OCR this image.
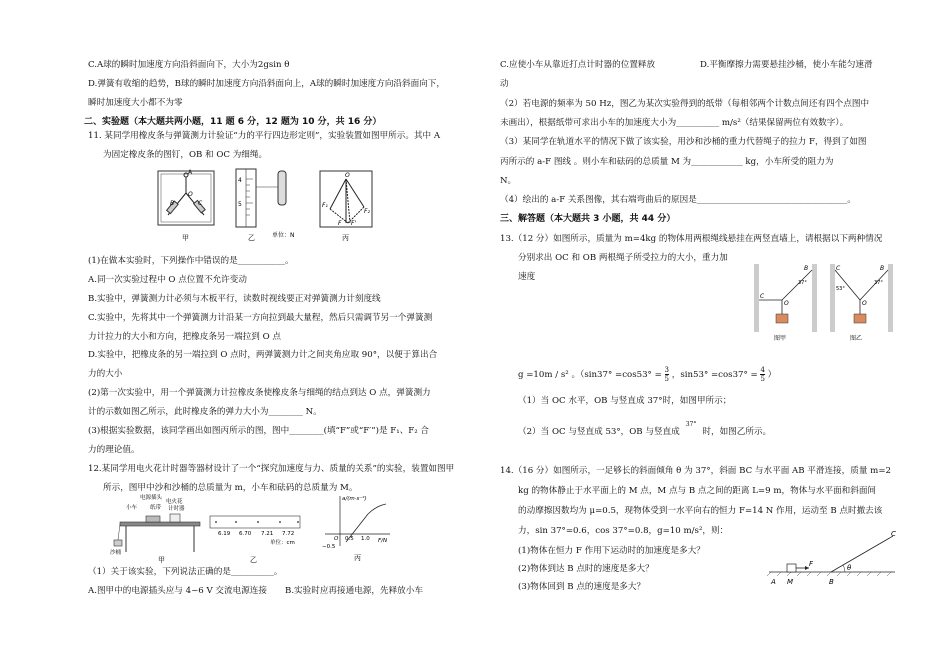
C.A球的瞬时加速度方向沿斜面向下，大小为2gsin θ
D.弹簧有收缩的趋势，B球的瞬时加速度方向沿斜面向上，A球的瞬时加速度方向沿斜面向下，
瞬时加速度大小都不为零
二、实验题（本大题共两小题，11 题 6 分，12 题为 10 分，共 16 分）
11. 某同学用橡皮条与弹簧测力计验证“力的平行四边形定则”，实验装置如图甲所示。其中 A
为固定橡皮条的图钉，OB 和 OC 为细绳。
A
O
B	C
甲
4
5
单位：N
乙
O
F₁
F₂
F F'
丙
(1)在做本实验时，下列操作中错误的是___________。
A.同一次实验过程中 O 点位置不允许变动
B.实验中，弹簧测力计必须与木板平行，读数时视线要正对弹簧测力计刻度线
C.实验中，先将其中一个弹簧测力计沿某一方向拉到最大量程，然后只需调节另一个弹簧测
力计拉力的大小和方向，把橡皮条另一端拉到 O 点
D.实验中，把橡皮条的另一端拉到 O 点时，两弹簧测力计之间夹角应取 90°，以便于算出合
力的大小
(2)第一次实验中，用一个弹簧测力计拉橡皮条使橡皮条与细绳的结点到达 O 点，弹簧测力
计的示数如图乙所示，此时橡皮条的弹力大小为________ N。
(3)根据实验数据，该同学画出如图丙所示的图，图中________(填“F”或“F′”)是 F₁、F₂ 合
力的理论值。
12.某同学用电火花计时器等器材设计了一个“探究加速度与力、质量的关系”的实验，装置如图甲
所示，图甲中沙和沙桶的总质量为 m，小车和砝码的总质量为 M。
电源插头
电火花
计时器
小车 纸带
沙桶
甲
6.19 6.70 7.21 7.72
单位：cm
乙
a/(m·s⁻²)
F/N
O 0.5 1.0
−0.5
丙
（1）关于该实验，下列说法正确的是__________。
A.图甲中的电源插头应与 4~6 V 交流电源连接 B.实验时应再接通电源，先释放小车
C.应使小车从靠近打点计时器的位置释放	D.平衡摩擦力需要悬挂沙桶，使小车能匀速滑
动
（2）若电源的频率为 50 Hz，图乙为某次实验得到的纸带（每相邻两个计数点间还有四个点图中
未画出），根据纸带可求出小车的加速度大小为__________ m/s²（结果保留两位有效数字）。
（3）某同学在轨道水平的情况下做了该实验，用沙和沙桶的重力代替绳子的拉力 F，得到了如图
丙所示的 a-F 图线 。则小车和砝码的总质量 M 为____________ kg，小车所受的阻力为
N。
（4）绘出的 a-F 关系图像，其右端弯曲后的原因是___________________________________。
三、解答题（本大题共 3 小题，共 44 分）
13.（12 分）如图所示，质量为 m=4kg 的物体用两根绳线悬挂在两竖直墙上，请根据以下两种情况
分别求出 OC 和 OB 两根绳子所受拉力的大小，重力加
速度
B
C
O
37°
图甲
B
C
O
53°
37°
图乙
g =10m / s² 。（$\sin 37^\circ =\cos 53^\circ = \frac{3}{5}$ ，$\sin 53^\circ =\cos 37^\circ = \frac{4}{5}$ ）
（1）当 OC 水平，OB 与竖直成 37°时，如图甲所示；
（2）当 OC 与竖直成 53°，OB 与竖直成$^{37^\circ}$时，如图乙所示。
14.（16 分）如图所示，一足够长的斜面倾角 θ 为 37°，斜面 BC 与水平面 AB 平滑连接，质量 m=2
kg 的物体静止于水平面上的 M 点，M 点与 B 点之间的距离 L=9 m，物体与水平面和斜面间
的动摩擦因数均为 μ=0.5，现物体受到一水平向右的恒力 F=14 N 作用，运动至 B 点时撤去该
力，sin 37°=0.6，cos 37°=0.8，g=10 m/s²，则：
(1)物体在恒力 F 作用下运动时的加速度是多大？
(2)物体到达 B 点时的速度是多大？
(3)物体回到 B 点的速度是多大？
F	θ
A M	B
C
